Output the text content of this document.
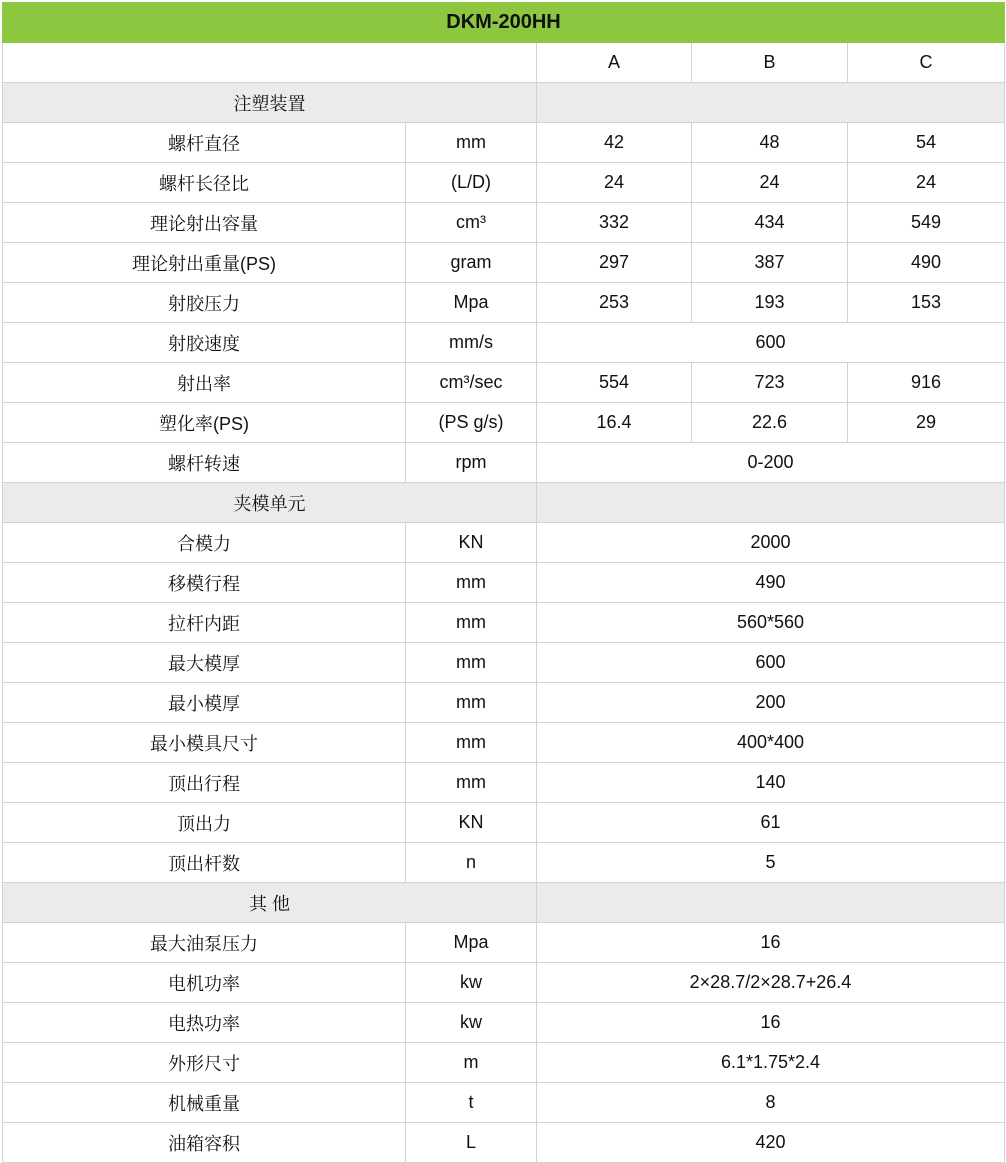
DKM-200HH				
		A	B	C
注塑装置				
螺杆直径	mm	42	48	54
螺杆长径比	(L/D)	24	24	24
理论射出容量	cm³	332	434	549
理论射出重量(PS)	gram	297	387	490
射胶压力	Mpa	253	193	153
射胶速度	mm/s	600		
射出率	cm³/sec	554	723	916
塑化率(PS)	(PS g/s)	16.4	22.6	29
螺杆转速	rpm	0-200		
夹模单元				
合模力	KN	2000		
移模行程	mm	490		
拉杆内距	mm	560*560		
最大模厚	mm	600		
最小模厚	mm	200		
最小模具尺寸	mm	400*400		
顶出行程	mm	140		
顶出力	KN	61		
顶出杆数	n	5		
其 他				
最大油泵压力	Mpa	16		
电机功率	kw	2×28.7/2×28.7+26.4		
电热功率	kw	16		
外形尺寸	m	6.1*1.75*2.4		
机械重量	t	8		
油箱容积	L	420		
